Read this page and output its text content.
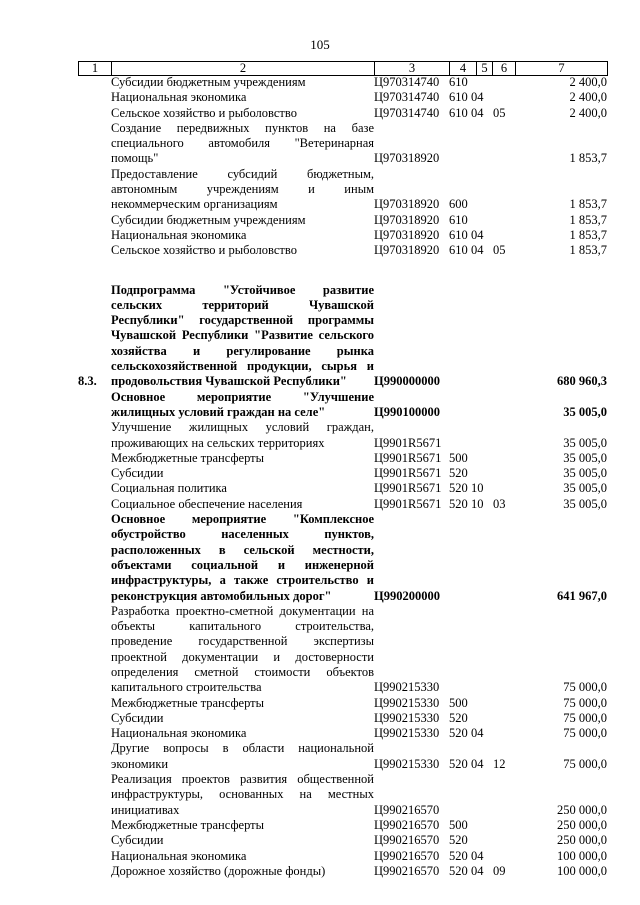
105
1	2	3	4	5	6	7
	Субсидии бюджетным учреждениям	Ц970314740	610	2 400,0
	Национальная экономика	Ц970314740	610 04	2 400,0
	Сельское хозяйство и рыболовство	Ц970314740	610 04 05	2 400,0
	Создание передвижных пунктов на базе специального автомобиля "Ветеринарная помощь"	Ц970318920		1 853,7
	Предоставление субсидий бюджетным, автономным учреждениям и иным некоммерческим организациям	Ц970318920	600	1 853,7
	Субсидии бюджетным учреждениям	Ц970318920	610	1 853,7
	Национальная экономика	Ц970318920	610 04	1 853,7
	Сельское хозяйство и рыболовство	Ц970318920	610 04 05	1 853,7

8.3.	Подпрограмма "Устойчивое развитие сельских территорий Чувашской Республики" государственной программы Чувашской Республики "Развитие сельского хозяйства и регулирование рынка сельскохозяйственной продукции, сырья и продовольствия Чувашской Республики"	Ц990000000		680 960,3
	Основное мероприятие "Улучшение жилищных условий граждан на селе"	Ц990100000		35 005,0
	Улучшение жилищных условий граждан, проживающих на сельских территориях	Ц9901R5671		35 005,0
	Межбюджетные трансферты	Ц9901R5671	500	35 005,0
	Субсидии	Ц9901R5671	520	35 005,0
	Социальная политика	Ц9901R5671	520 10	35 005,0
	Социальное обеспечение населения	Ц9901R5671	520 10 03	35 005,0
	Основное мероприятие "Комплексное обустройство населенных пунктов, расположенных в сельской местности, объектами социальной и инженерной инфраструктуры, а также строительство и реконструкция автомобильных дорог"	Ц990200000		641 967,0
	Разработка проектно-сметной документации на объекты капитального строительства, проведение государственной экспертизы проектной документации и достоверности определения сметной стоимости объектов капитального строительства	Ц990215330		75 000,0
	Межбюджетные трансферты	Ц990215330	500	75 000,0
	Субсидии	Ц990215330	520	75 000,0
	Национальная экономика	Ц990215330	520 04	75 000,0
	Другие вопросы в области национальной экономики	Ц990215330	520 04 12	75 000,0
	Реализация проектов развития общественной инфраструктуры, основанных на местных инициативах	Ц990216570		250 000,0
	Межбюджетные трансферты	Ц990216570	500	250 000,0
	Субсидии	Ц990216570	520	250 000,0
	Национальная экономика	Ц990216570	520 04	100 000,0
	Дорожное хозяйство (дорожные фонды)	Ц990216570	520 04 09	100 000,0
